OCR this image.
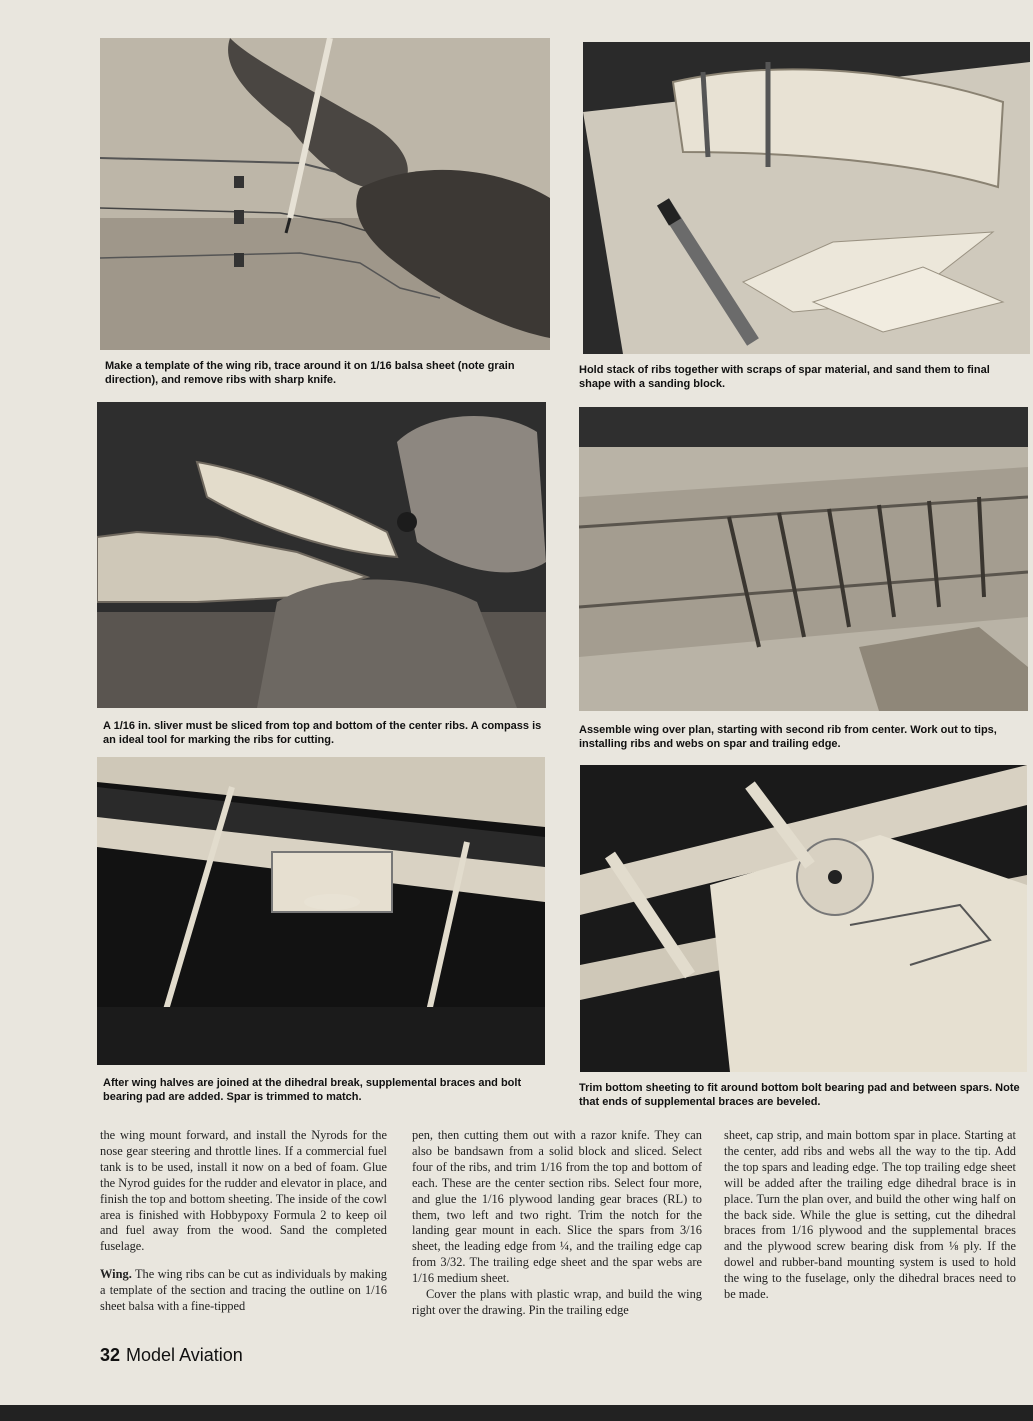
Make a template of the wing rib, trace around it on 1/16 balsa sheet (note grain direction), and remove ribs with sharp knife.
Hold stack of ribs together with scraps of spar material, and sand them to final shape with a sanding block.
A 1/16 in. sliver must be sliced from top and bottom of the center ribs. A compass is an ideal tool for marking the ribs for cutting.
Assemble wing over plan, starting with second rib from center. Work out to tips, installing ribs and webs on spar and trailing edge.
After wing halves are joined at the dihedral break, supplemental braces and bolt bearing pad are added. Spar is trimmed to match.
Trim bottom sheeting to fit around bottom bolt bearing pad and between spars. Note that ends of supplemental braces are beveled.

the wing mount forward, and install the Nyrods for the nose gear steering and throttle lines. If a commercial fuel tank is to be used, install it now on a bed of foam. Glue the Nyrod guides for the rudder and elevator in place, and finish the top and bottom sheeting. The inside of the cowl area is finished with Hobbypoxy Formula 2 to keep oil and fuel away from the wood. Sand the completed fuselage.

Wing. The wing ribs can be cut as individuals by making a template of the section and tracing the outline on 1/16 sheet balsa with a fine-tipped

pen, then cutting them out with a razor knife. They can also be bandsawn from a solid block and sliced. Select four of the ribs, and trim 1/16 from the top and bottom of each. These are the center section ribs. Select four more, and glue the 1/16 plywood landing gear braces (RL) to them, two left and two right. Trim the notch for the landing gear mount in each. Slice the spars from 3/16 sheet, the leading edge from ¼, and the trailing edge cap from 3/32. The trailing edge sheet and the spar webs are 1/16 medium sheet.

Cover the plans with plastic wrap, and build the wing right over the drawing. Pin the trailing edge

sheet, cap strip, and main bottom spar in place. Starting at the center, add ribs and webs all the way to the tip. Add the top spars and leading edge. The top trailing edge sheet will be added after the trailing edge dihedral brace is in place. Turn the plan over, and build the other wing half on the back side. While the glue is setting, cut the dihedral braces from 1/16 plywood and the supplemental braces and the plywood screw bearing disk from ⅛ ply. If the dowel and rubber-band mounting system is used to hold the wing to the fuselage, only the dihedral braces need to be made.

32 Model Aviation
